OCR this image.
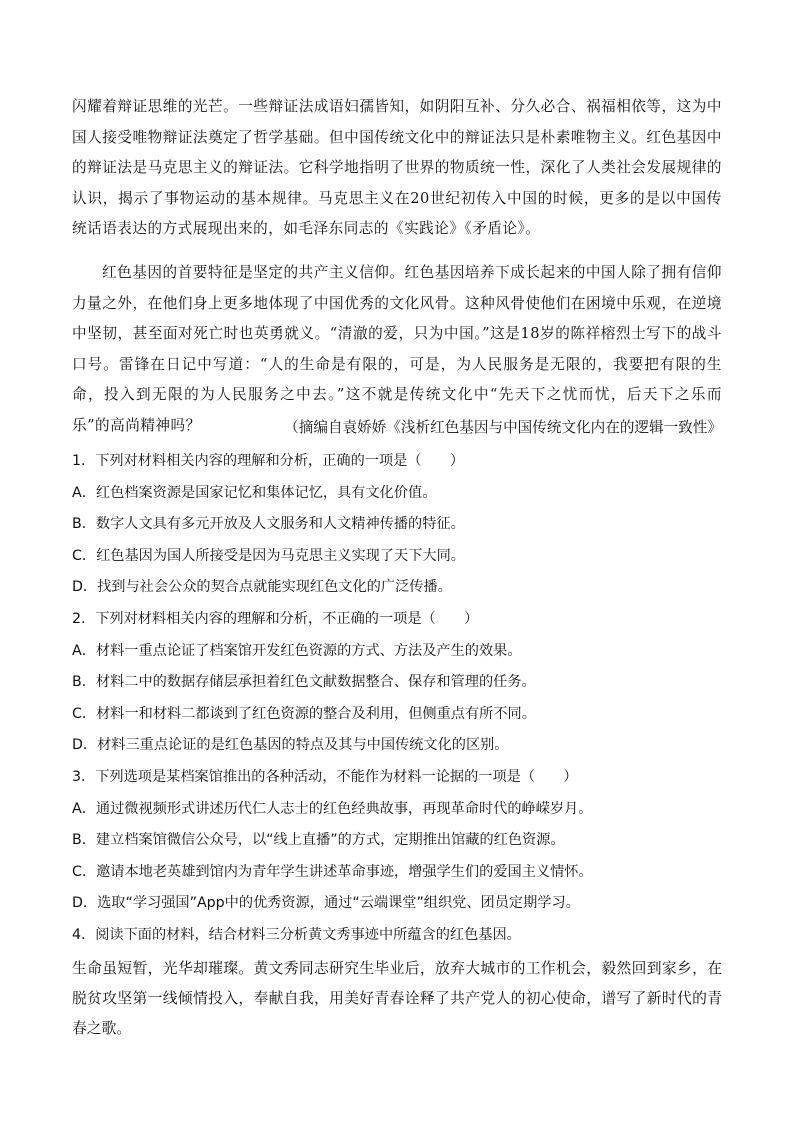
闪耀着辩证思维的光芒。一些辩证法成语妇孺皆知，如阴阳互补、分久必合、祸福相依等，这为中国人接受唯物辩证法奠定了哲学基础。但中国传统文化中的辩证法只是朴素唯物主义。红色基因中的辩证法是马克思主义的辩证法。它科学地指明了世界的物质统一性，深化了人类社会发展规律的认识，揭示了事物运动的基本规律。马克思主义在20世纪初传入中国的时候，更多的是以中国传统话语表达的方式展现出来的，如毛泽东同志的《实践论》《矛盾论》。
红色基因的首要特征是坚定的共产主义信仰。红色基因培养下成长起来的中国人除了拥有信仰力量之外，在他们身上更多地体现了中国优秀的文化风骨。这种风骨使他们在困境中乐观，在逆境中坚韧，甚至面对死亡时也英勇就义。“清澈的爱，只为中国。”这是18岁的陈祥榕烈士写下的战斗口号。雷锋在日记中写道：“人的生命是有限的，可是，为人民服务是无限的，我要把有限的生命，投入到无限的为人民服务之中去。”这不就是传统文化中“先天下之忧而忧，后天下之乐而乐”的高尚精神吗？	（摘编自袁娇娇《浅析红色基因与中国传统文化内在的逻辑一致性》
1．下列对材料相关内容的理解和分析，正确的一项是（　　）
A．红色档案资源是国家记忆和集体记忆，具有文化价值。
B．数字人文具有多元开放及人文服务和人文精神传播的特征。
C．红色基因为国人所接受是因为马克思主义实现了天下大同。
D．找到与社会公众的契合点就能实现红色文化的广泛传播。
2．下列对材料相关内容的理解和分析，不正确的一项是（　　）
A．材料一重点论证了档案馆开发红色资源的方式、方法及产生的效果。
B．材料二中的数据存储层承担着红色文献数据整合、保存和管理的任务。
C．材料一和材料二都谈到了红色资源的整合及利用，但侧重点有所不同。
D．材料三重点论证的是红色基因的特点及其与中国传统文化的区别。
3．下列选项是某档案馆推出的各种活动，不能作为材料一论据的一项是（　　）
A．通过微视频形式讲述历代仁人志士的红色经典故事，再现革命时代的峥嵘岁月。
B．建立档案馆微信公众号，以“线上直播”的方式，定期推出馆藏的红色资源。
C．邀请本地老英雄到馆内为青年学生讲述革命事迹，增强学生们的爱国主义情怀。
D．选取“学习强国”App中的优秀资源，通过“云端课堂”组织党、团员定期学习。
4．阅读下面的材料，结合材料三分析黄文秀事迹中所蕴含的红色基因。
生命虽短暂，光华却璀璨。黄文秀同志研究生毕业后，放弃大城市的工作机会，毅然回到家乡，在脱贫攻坚第一线倾情投入，奉献自我，用美好青春诠释了共产党人的初心使命，谱写了新时代的青春之歌。
